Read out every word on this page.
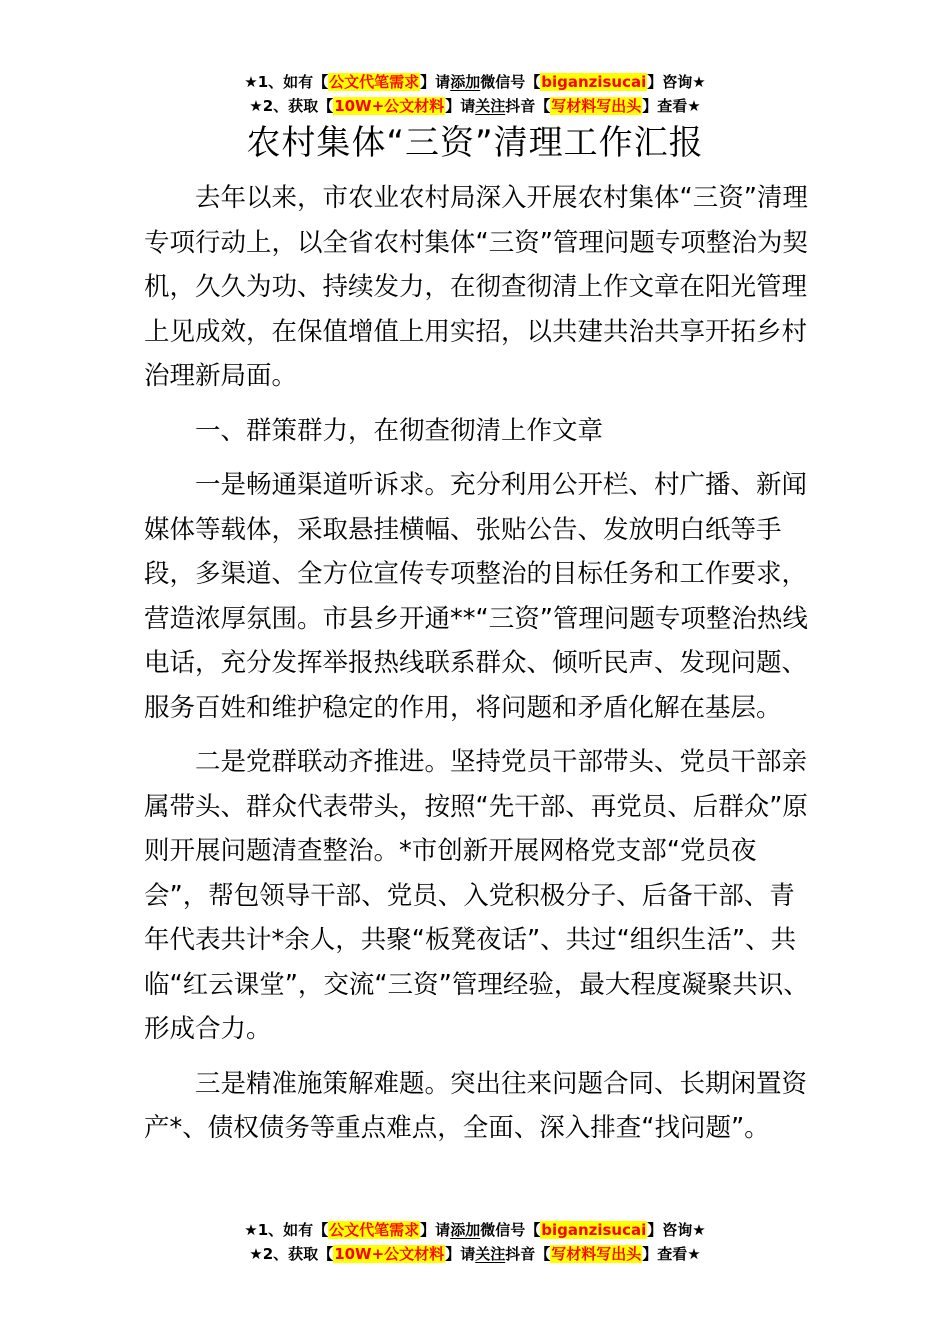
★1、如有【公文代笔需求】请添加微信号【biganzisucai】咨询★
★2、获取【10W+公文材料】请关注抖音【写材料写出头】查看★
农村集体“三资”清理工作汇报

去年以来，市农业农村局深入开展农村集体“三资”清理专项行动上，以全省农村集体“三资”管理问题专项整治为契机，久久为功、持续发力，在彻查彻清上作文章在阳光管理上见成效，在保值增值上用实招，以共建共治共享开拓乡村治理新局面。

一、群策群力，在彻查彻清上作文章

一是畅通渠道听诉求。充分利用公开栏、村广播、新闻媒体等载体，采取悬挂横幅、张贴公告、发放明白纸等手段，多渠道、全方位宣传专项整治的目标任务和工作要求，营造浓厚氛围。市县乡开通**“三资”管理问题专项整治热线电话，充分发挥举报热线联系群众、倾听民声、发现问题、服务百姓和维护稳定的作用，将问题和矛盾化解在基层。

二是党群联动齐推进。坚持党员干部带头、党员干部亲属带头、群众代表带头，按照“先干部、再党员、后群众”原则开展问题清查整治。*市创新开展网格党支部“党员夜会”，帮包领导干部、党员、入党积极分子、后备干部、青年代表共计*余人，共聚“板凳夜话”、共过“组织生活”、共临“红云课堂”，交流“三资”管理经验，最大程度凝聚共识、形成合力。

三是精准施策解难题。突出往来问题合同、长期闲置资产*、债权债务等重点难点，全面、深入排查“找问题”。

★1、如有【公文代笔需求】请添加微信号【biganzisucai】咨询★
★2、获取【10W+公文材料】请关注抖音【写材料写出头】查看★
